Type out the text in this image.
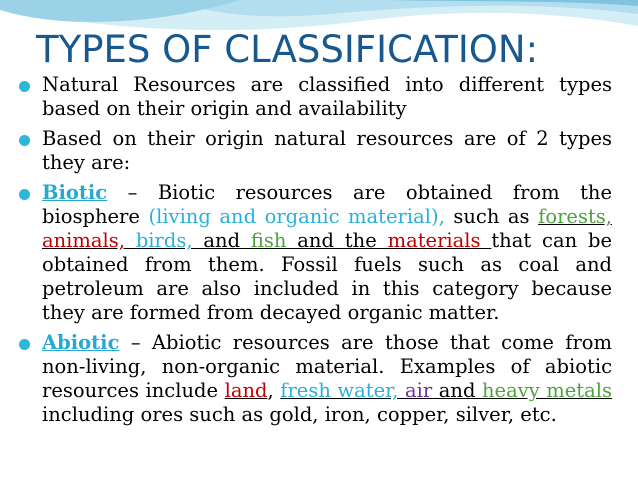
TYPES OF CLASSIFICATION:
Natural Resources are classified into different types based on their origin and availability
Based on their origin natural resources are of 2 types they are:
Biotic – Biotic resources are obtained from the biosphere (living and organic material), such as forests, animals, birds, and fish and the materials that can be obtained from them. Fossil fuels such as coal and petroleum are also included in this category because they are formed from decayed organic matter.
Abiotic – Abiotic resources are those that come from non-living, non-organic material. Examples of abiotic resources include land, fresh water, air and heavy metals including ores such as gold, iron, copper, silver, etc.
